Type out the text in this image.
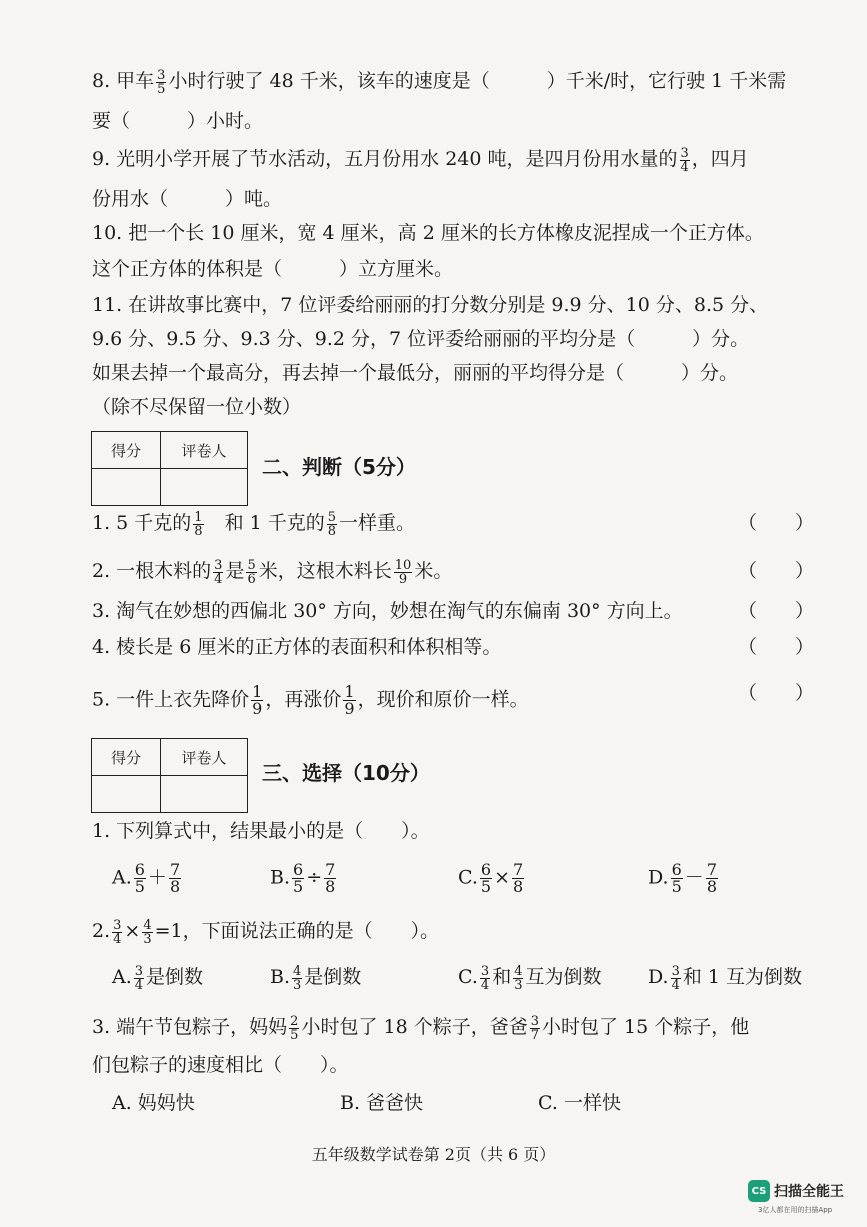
8. 甲车 $\frac{3}{5}$ 小时行驶了 48 千米，该车的速度是（　　　）千米/时，它行驶 1 千米需
要（　　　）小时。
9. 光明小学开展了节水活动，五月份用水 240 吨，是四月份用水量的 $\frac{3}{4}$ ，四月
份用水（　　　）吨。
10. 把一个长 10 厘米，宽 4 厘米，高 2 厘米的长方体橡皮泥捏成一个正方体。
这个正方体的体积是（　　　）立方厘米。
11. 在讲故事比赛中，7 位评委给丽丽的打分数分别是 9.9 分、10 分、8.5 分、
9.6 分、9.5 分、9.3 分、9.2 分，7 位评委给丽丽的平均分是（　　　）分。
如果去掉一个最高分，再去掉一个最低分，丽丽的平均得分是（　　　）分。
（除不尽保留一位小数）
得分	评卷人

二、判断（5分）
1. 5 千克的 $\frac{1}{8}$ 　和 1 千克的 $\frac{5}{8}$ 一样重。	（　　）
2. 一根木料的 $\frac{3}{4}$ 是 $\frac{5}{6}$ 米，这根木料长 $\frac{10}{9}$ 米。	（　　）
3. 淘气在妙想的西偏北 30° 方向，妙想在淘气的东偏南 30° 方向上。	（　　）
4. 棱长是 6 厘米的正方体的表面积和体积相等。	（　　）
5. 一件上衣先降价 $\frac{1}{9}$ ，再涨价 $\frac{1}{9}$ ，现价和原价一样。	（　　）
得分	评卷人

三、选择（10分）
1. 下列算式中，结果最小的是（　　）。
A. $\frac{6}{5} + \frac{7}{8}$	B. $\frac{6}{5} \div \frac{7}{8}$	C. $\frac{6}{5} \times \frac{7}{8}$	D. $\frac{6}{5} - \frac{7}{8}$
2. $\frac{3}{4} \times \frac{4}{3} =1$，下面说法正确的是（　　）。
A. $\frac{3}{4}$ 是倒数	B. $\frac{4}{3}$ 是倒数	C. $\frac{3}{4}$ 和 $\frac{4}{3}$ 互为倒数 D. $\frac{3}{4}$ 和 1 互为倒数
3. 端午节包粽子，妈妈 $\frac{2}{5}$ 小时包了 18 个粽子，爸爸 $\frac{3}{7}$ 小时包了 15 个粽子，他
们包粽子的速度相比（　　）。
A. 妈妈快	B. 爸爸快	C. 一样快
五年级数学试卷第 2页（共 6 页）
CS 扫描全能王
3亿人都在用的扫描App
